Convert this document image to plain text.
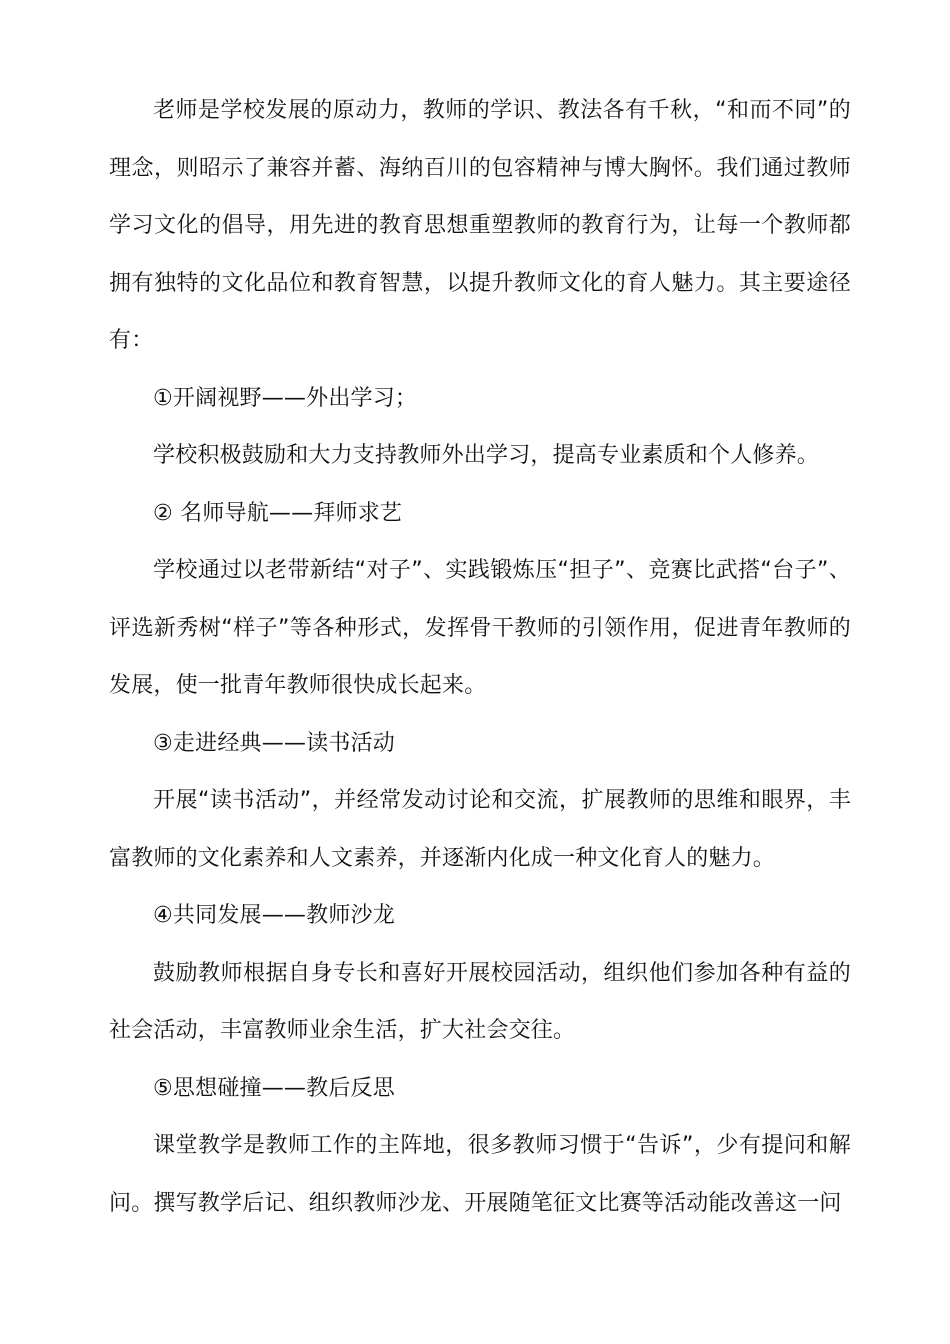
老师是学校发展的原动力，教师的学识、教法各有千秋，“和而不同”的理念，则昭示了兼容并蓄、海纳百川的包容精神与博大胸怀。我们通过教师学习文化的倡导，用先进的教育思想重塑教师的教育行为，让每一个教师都拥有独特的文化品位和教育智慧，以提升教师文化的育人魅力。其主要途径有：

①开阔视野——外出学习；

学校积极鼓励和大力支持教师外出学习，提高专业素质和个人修养。

② 名师导航——拜师求艺

学校通过以老带新结“对子”、实践锻炼压“担子”、竞赛比武搭“台子”、评选新秀树“样子”等各种形式，发挥骨干教师的引领作用，促进青年教师的发展，使一批青年教师很快成长起来。

③走进经典——读书活动

开展“读书活动”，并经常发动讨论和交流，扩展教师的思维和眼界，丰富教师的文化素养和人文素养，并逐渐内化成一种文化育人的魅力。

④共同发展——教师沙龙

鼓励教师根据自身专长和喜好开展校园活动，组织他们参加各种有益的社会活动，丰富教师业余生活，扩大社会交往。

⑤思想碰撞——教后反思

课堂教学是教师工作的主阵地，很多教师习惯于“告诉”，少有提问和解问。撰写教学后记、组织教师沙龙、开展随笔征文比赛等活动能改善这一问
